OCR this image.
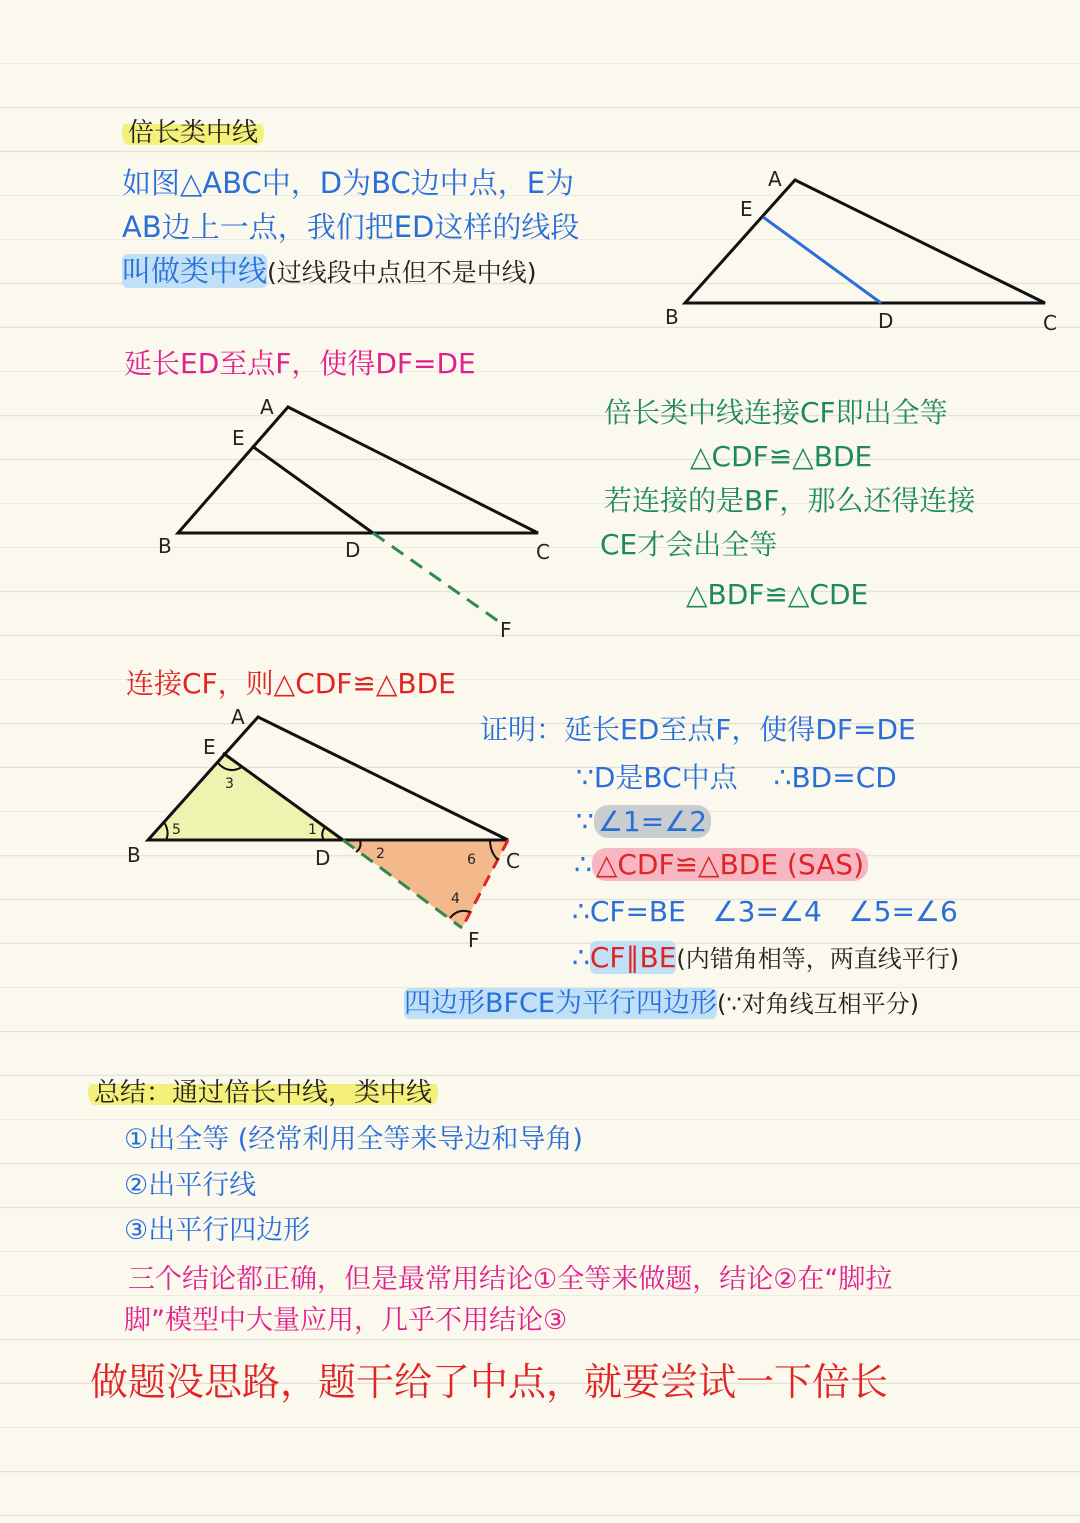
倍长类中线
如图△ABC中，D为BC边中点，E为
AB边上一点，我们把ED这样的线段
叫做类中线(过线段中点但不是中线)
A
E
B	D	C
延长ED至点F，使得DF=DE
A
E
B	D	C
F
倍长类中线连接CF即出全等
△CDF≌△BDE
若连接的是BF，那么还得连接
CE才会出全等
△BDF≌△CDE
连接CF，则△CDF≌△BDE
A
E
B	D	C
F
3
1
2
5
6
4
证明：延长ED至点F，使得DF=DE
∵D是BC中点 ∴BD=CD
∵ ∠1=∠2
∴ △CDF≌△BDE (SAS)
∴CF=BE   ∠3=∠4   ∠5=∠6
∴CF∥BE(内错角相等，两直线平行)
四边形BFCE为平行四边形(∵对角线互相平分)
总结：通过倍长中线，类中线
①出全等 (经常利用全等来导边和导角)
②出平行线
③出平行四边形
三个结论都正确，但是最常用结论①全等来做题，结论②在“脚拉
脚”模型中大量应用，几乎不用结论③
做题没思路，题干给了中点，就要尝试一下倍长
